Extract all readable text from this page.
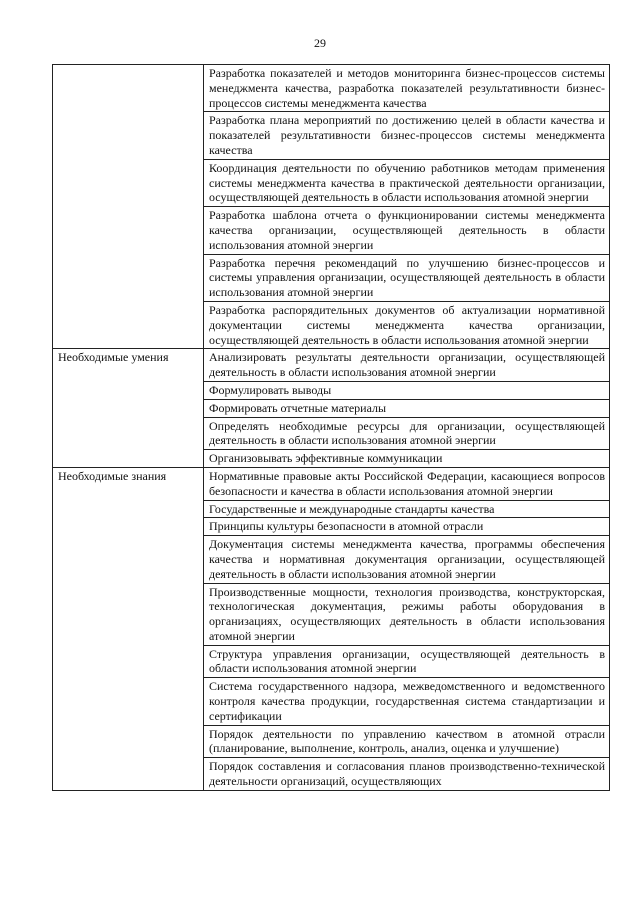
29
	Разработка показателей и методов мониторинга бизнес-процессов системы менеджмента качества, разработка показателей результативности бизнес-процессов системы менеджмента качества
	Разработка плана мероприятий по достижению целей в области качества и показателей результативности бизнес-процессов системы менеджмента качества
	Координация деятельности по обучению работников методам применения системы менеджмента качества в практической деятельности организации, осуществляющей деятельность в области использования атомной энергии
	Разработка шаблона отчета о функционировании системы менеджмента качества организации, осуществляющей деятельность в области использования атомной энергии
	Разработка перечня рекомендаций по улучшению бизнес-процессов и системы управления организации, осуществляющей деятельность в области использования атомной энергии
	Разработка распорядительных документов об актуализации нормативной документации системы менеджмента качества организации, осуществляющей деятельность в области использования атомной энергии
Необходимые умения	Анализировать результаты деятельности организации, осуществляющей деятельность в области использования атомной энергии
	Формулировать выводы
	Формировать отчетные материалы
	Определять необходимые ресурсы для организации, осуществляющей деятельность в области использования атомной энергии
	Организовывать эффективные коммуникации
Необходимые знания	Нормативные правовые акты Российской Федерации, касающиеся вопросов безопасности и качества в области использования атомной энергии
	Государственные и международные стандарты качества
	Принципы культуры безопасности в атомной отрасли
	Документация системы менеджмента качества, программы обеспечения качества и нормативная документация организации, осуществляющей деятельность в области использования атомной энергии
	Производственные мощности, технология производства, конструкторская, технологическая документация, режимы работы оборудования в организациях, осуществляющих деятельность в области использования атомной энергии
	Структура управления организации, осуществляющей деятельность в области использования атомной энергии
	Система государственного надзора, межведомственного и ведомственного контроля качества продукции, государственная система стандартизации и сертификации
	Порядок деятельности по управлению качеством в атомной отрасли (планирование, выполнение, контроль, анализ, оценка и улучшение)
	Порядок составления и согласования планов производственно-технической деятельности организаций, осуществляющих
